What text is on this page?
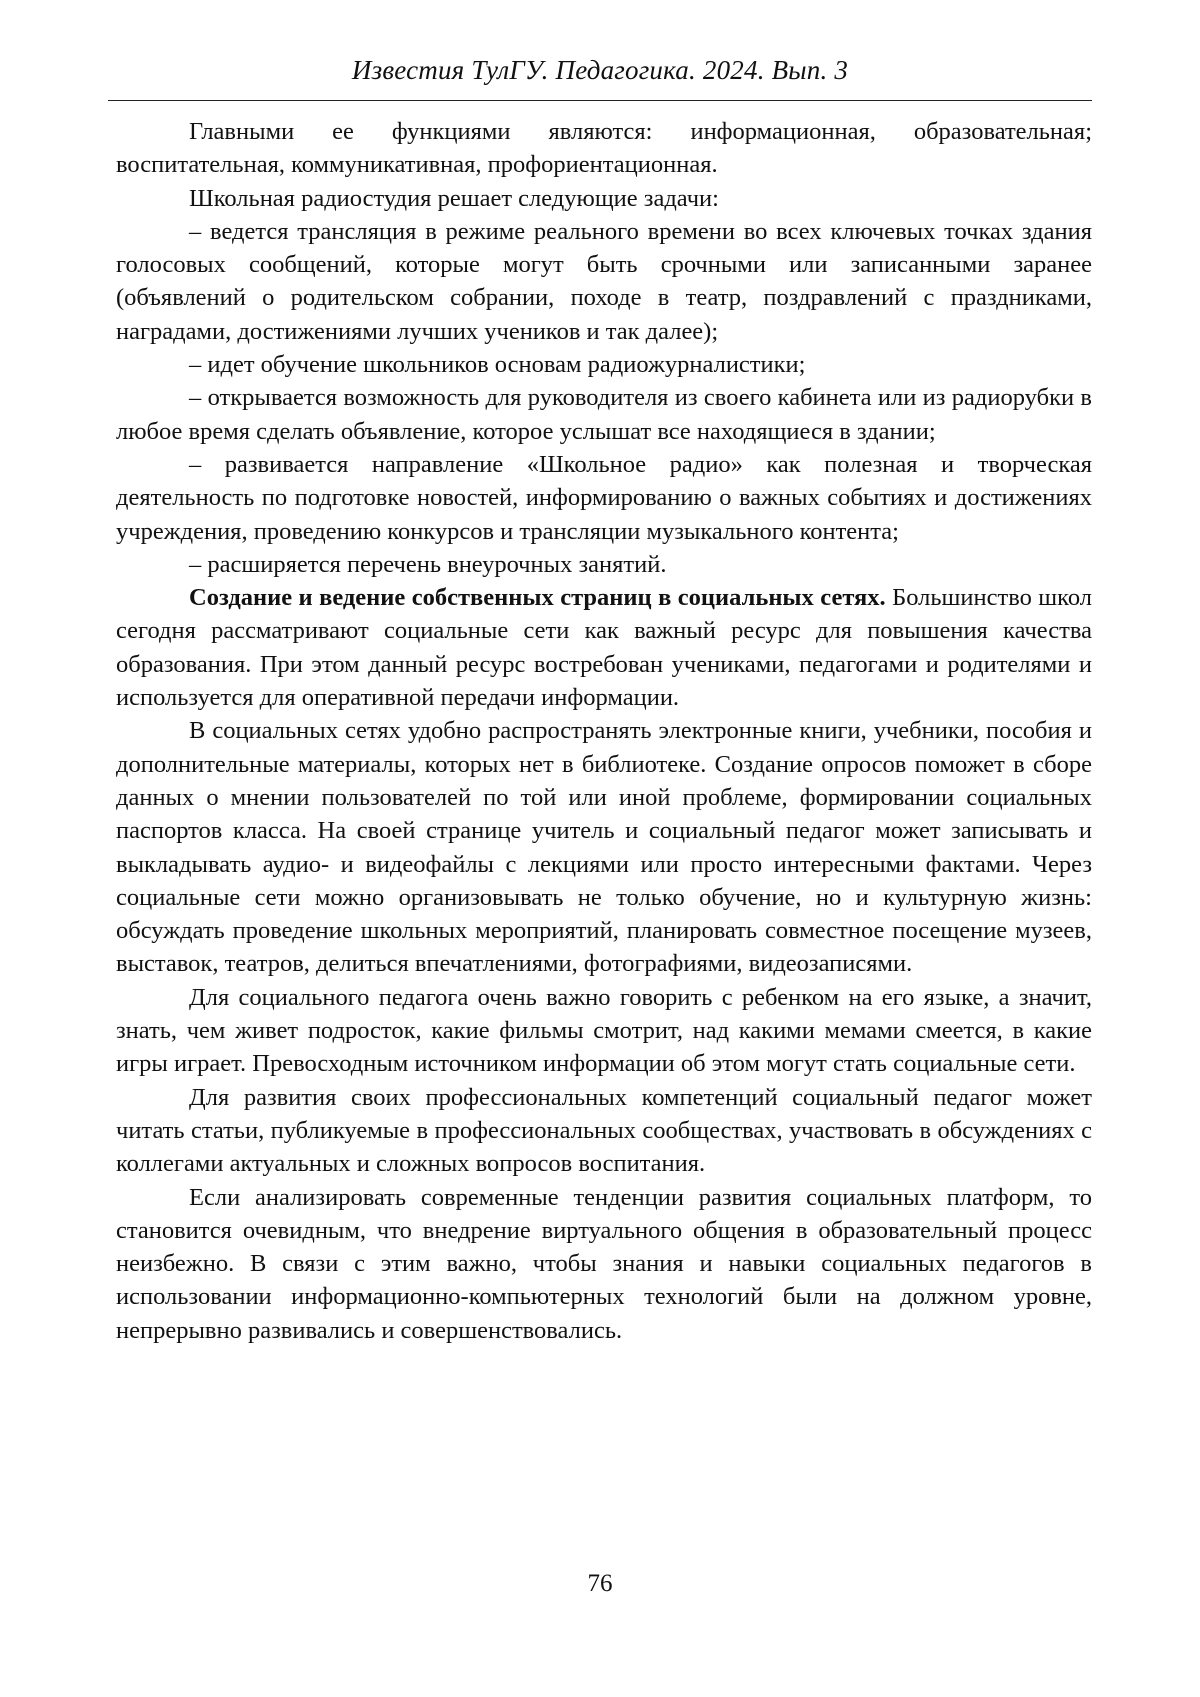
Известия ТулГУ. Педагогика. 2024. Вып. 3

Главными ее функциями являются: информационная, образовательная; воспитательная, коммуникативная, профориентационная.

Школьная радиостудия решает следующие задачи:

– ведется трансляция в режиме реального времени во всех ключевых точках здания голосовых сообщений, которые могут быть срочными или записанными заранее (объявлений о родительском собрании, походе в театр, поздравлений с праздниками, наградами, достижениями лучших учеников и так далее);

– идет обучение школьников основам радиожурналистики;

– открывается возможность для руководителя из своего кабинета или из радиорубки в любое время сделать объявление, которое услышат все находящиеся в здании;

– развивается направление «Школьное радио» как полезная и творческая деятельность по подготовке новостей, информированию о важных событиях и достижениях учреждения, проведению конкурсов и трансляции музыкального контента;

– расширяется перечень внеурочных занятий.

Создание и ведение собственных страниц в социальных сетях. Большинство школ сегодня рассматривают социальные сети как важный ресурс для повышения качества образования. При этом данный ресурс востребован учениками, педагогами и родителями и используется для оперативной передачи информации.

В социальных сетях удобно распространять электронные книги, учебники, пособия и дополнительные материалы, которых нет в библиотеке. Создание опросов поможет в сборе данных о мнении пользователей по той или иной проблеме, формировании социальных паспортов класса. На своей странице учитель и социальный педагог может записывать и выкладывать аудио- и видеофайлы с лекциями или просто интересными фактами. Через социальные сети можно организовывать не только обучение, но и культурную жизнь: обсуждать проведение школьных мероприятий, планировать совместное посещение музеев, выставок, театров, делиться впечатлениями, фотографиями, видеозаписями.

Для социального педагога очень важно говорить с ребенком на его языке, а значит, знать, чем живет подросток, какие фильмы смотрит, над какими мемами смеется, в какие игры играет. Превосходным источником информации об этом могут стать социальные сети.

Для развития своих профессиональных компетенций социальный педагог может читать статьи, публикуемые в профессиональных сообществах, участвовать в обсуждениях с коллегами актуальных и сложных вопросов воспитания.

Если анализировать современные тенденции развития социальных платформ, то становится очевидным, что внедрение виртуального общения в образовательный процесс неизбежно. В связи с этим важно, чтобы знания и навыки социальных педагогов в использовании информационно-компьютерных технологий были на должном уровне, непрерывно развивались и совершенствовались.

76
